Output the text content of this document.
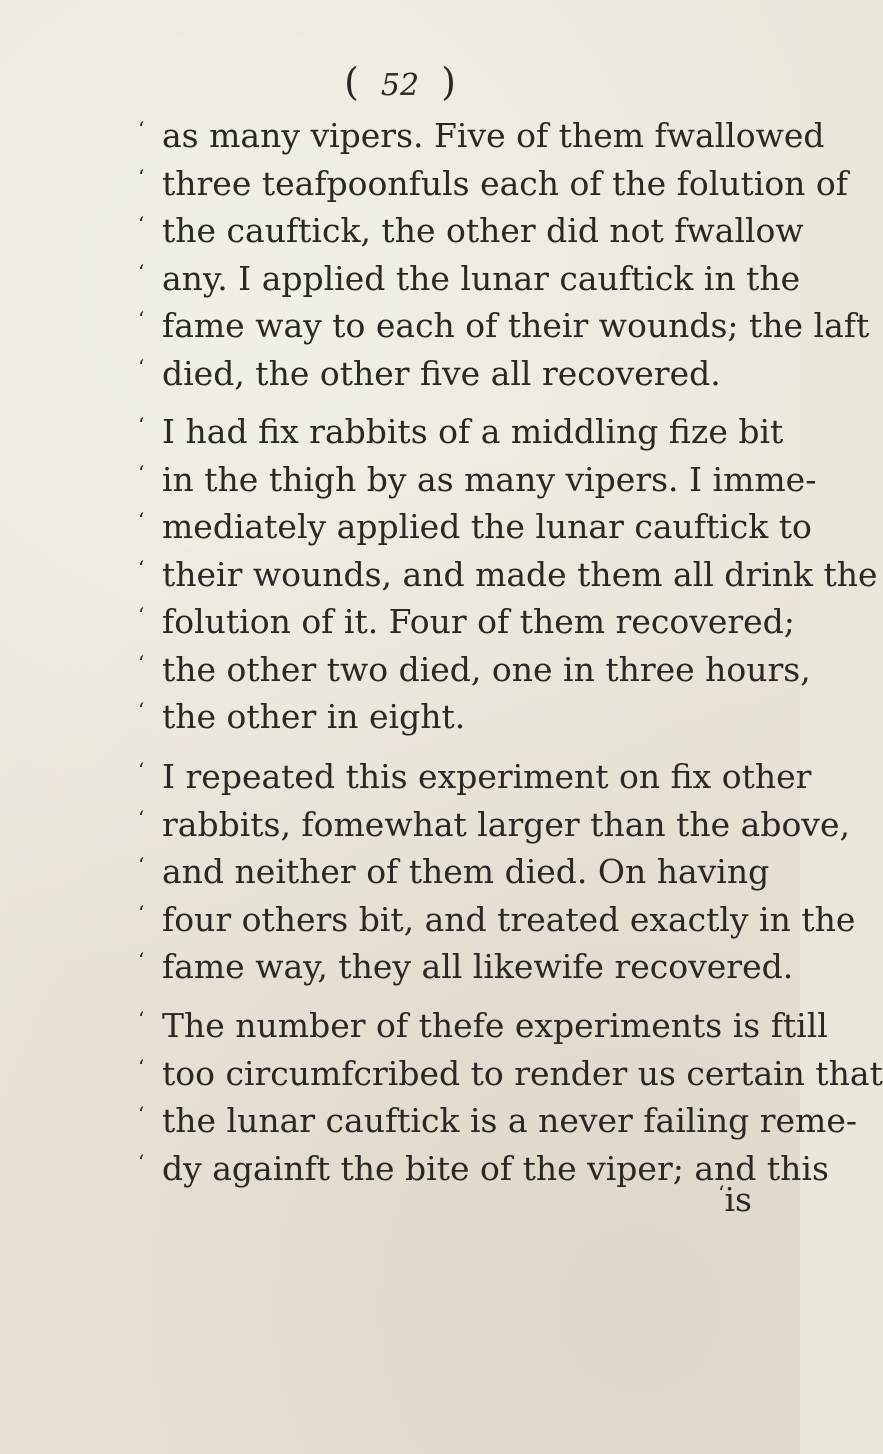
( 52 )
‘ as many vipers. Five of them fwallowed
‘ three teafpoonfuls each of the folution of
‘ the cauftick, the other did not fwallow
‘ any. I applied the lunar cauftick in the
‘ fame way to each of their wounds; the laft
‘ died, the other five all recovered.
‘ I had fix rabbits of a middling fize bit
‘ in the thigh by as many vipers. I imme-
‘ mediately applied the lunar cauftick to
‘ their wounds, and made them all drink the
‘ folution of it. Four of them recovered;
‘ the other two died, one in three hours,
‘ the other in eight.
‘ I repeated this experiment on fix other
‘ rabbits, fomewhat larger than the above,
‘ and neither of them died. On having
‘ four others bit, and treated exactly in the
‘ fame way, they all likewife recovered.
‘ The number of thefe experiments is ftill
‘ too circumfcribed to render us certain that
‘ the lunar cauftick is a never failing reme-
‘ dy againft the bite of the viper; and this
‘is
